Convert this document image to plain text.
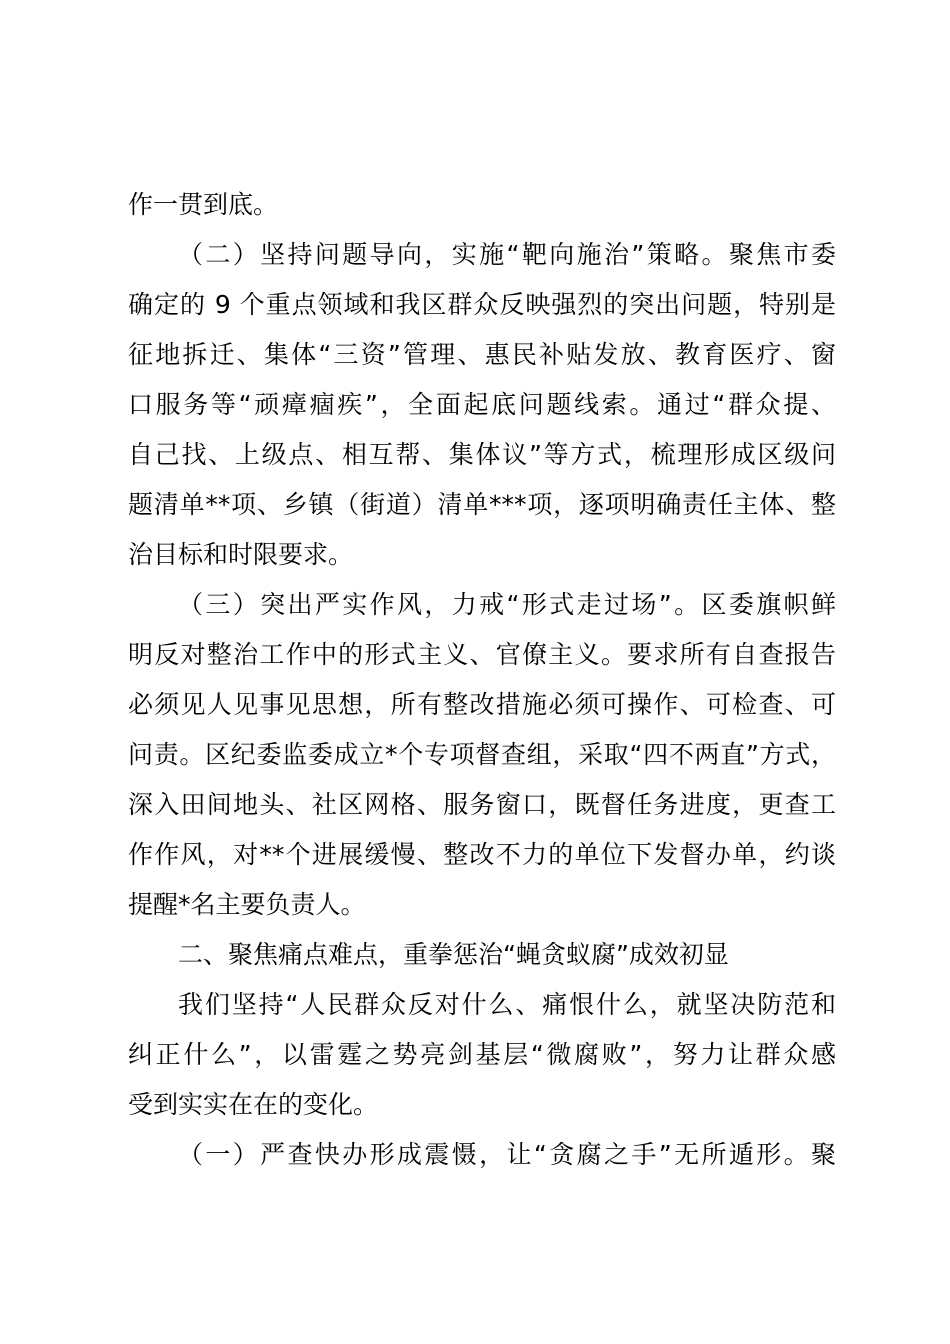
作一贯到底。
（二）坚持问题导向，实施“靶向施治”策略。聚焦市委
确定的 9 个重点领域和我区群众反映强烈的突出问题，特别是
征地拆迁、集体“三资”管理、惠民补贴发放、教育医疗、窗
口服务等“顽瘴痼疾”，全面起底问题线索。通过“群众提、
自己找、上级点、相互帮、集体议”等方式，梳理形成区级问
题清单**项、乡镇（街道）清单***项，逐项明确责任主体、整
治目标和时限要求。
（三）突出严实作风，力戒“形式走过场”。区委旗帜鲜
明反对整治工作中的形式主义、官僚主义。要求所有自查报告
必须见人见事见思想，所有整改措施必须可操作、可检查、可
问责。区纪委监委成立*个专项督查组，采取“四不两直”方式，
深入田间地头、社区网格、服务窗口，既督任务进度，更查工
作作风，对**个进展缓慢、整改不力的单位下发督办单，约谈
提醒*名主要负责人。
二、聚焦痛点难点，重拳惩治“蝇贪蚁腐”成效初显
我们坚持“人民群众反对什么、痛恨什么，就坚决防范和
纠正什么”，以雷霆之势亮剑基层“微腐败”，努力让群众感
受到实实在在的变化。
（一）严查快办形成震慑，让“贪腐之手”无所遁形。聚
